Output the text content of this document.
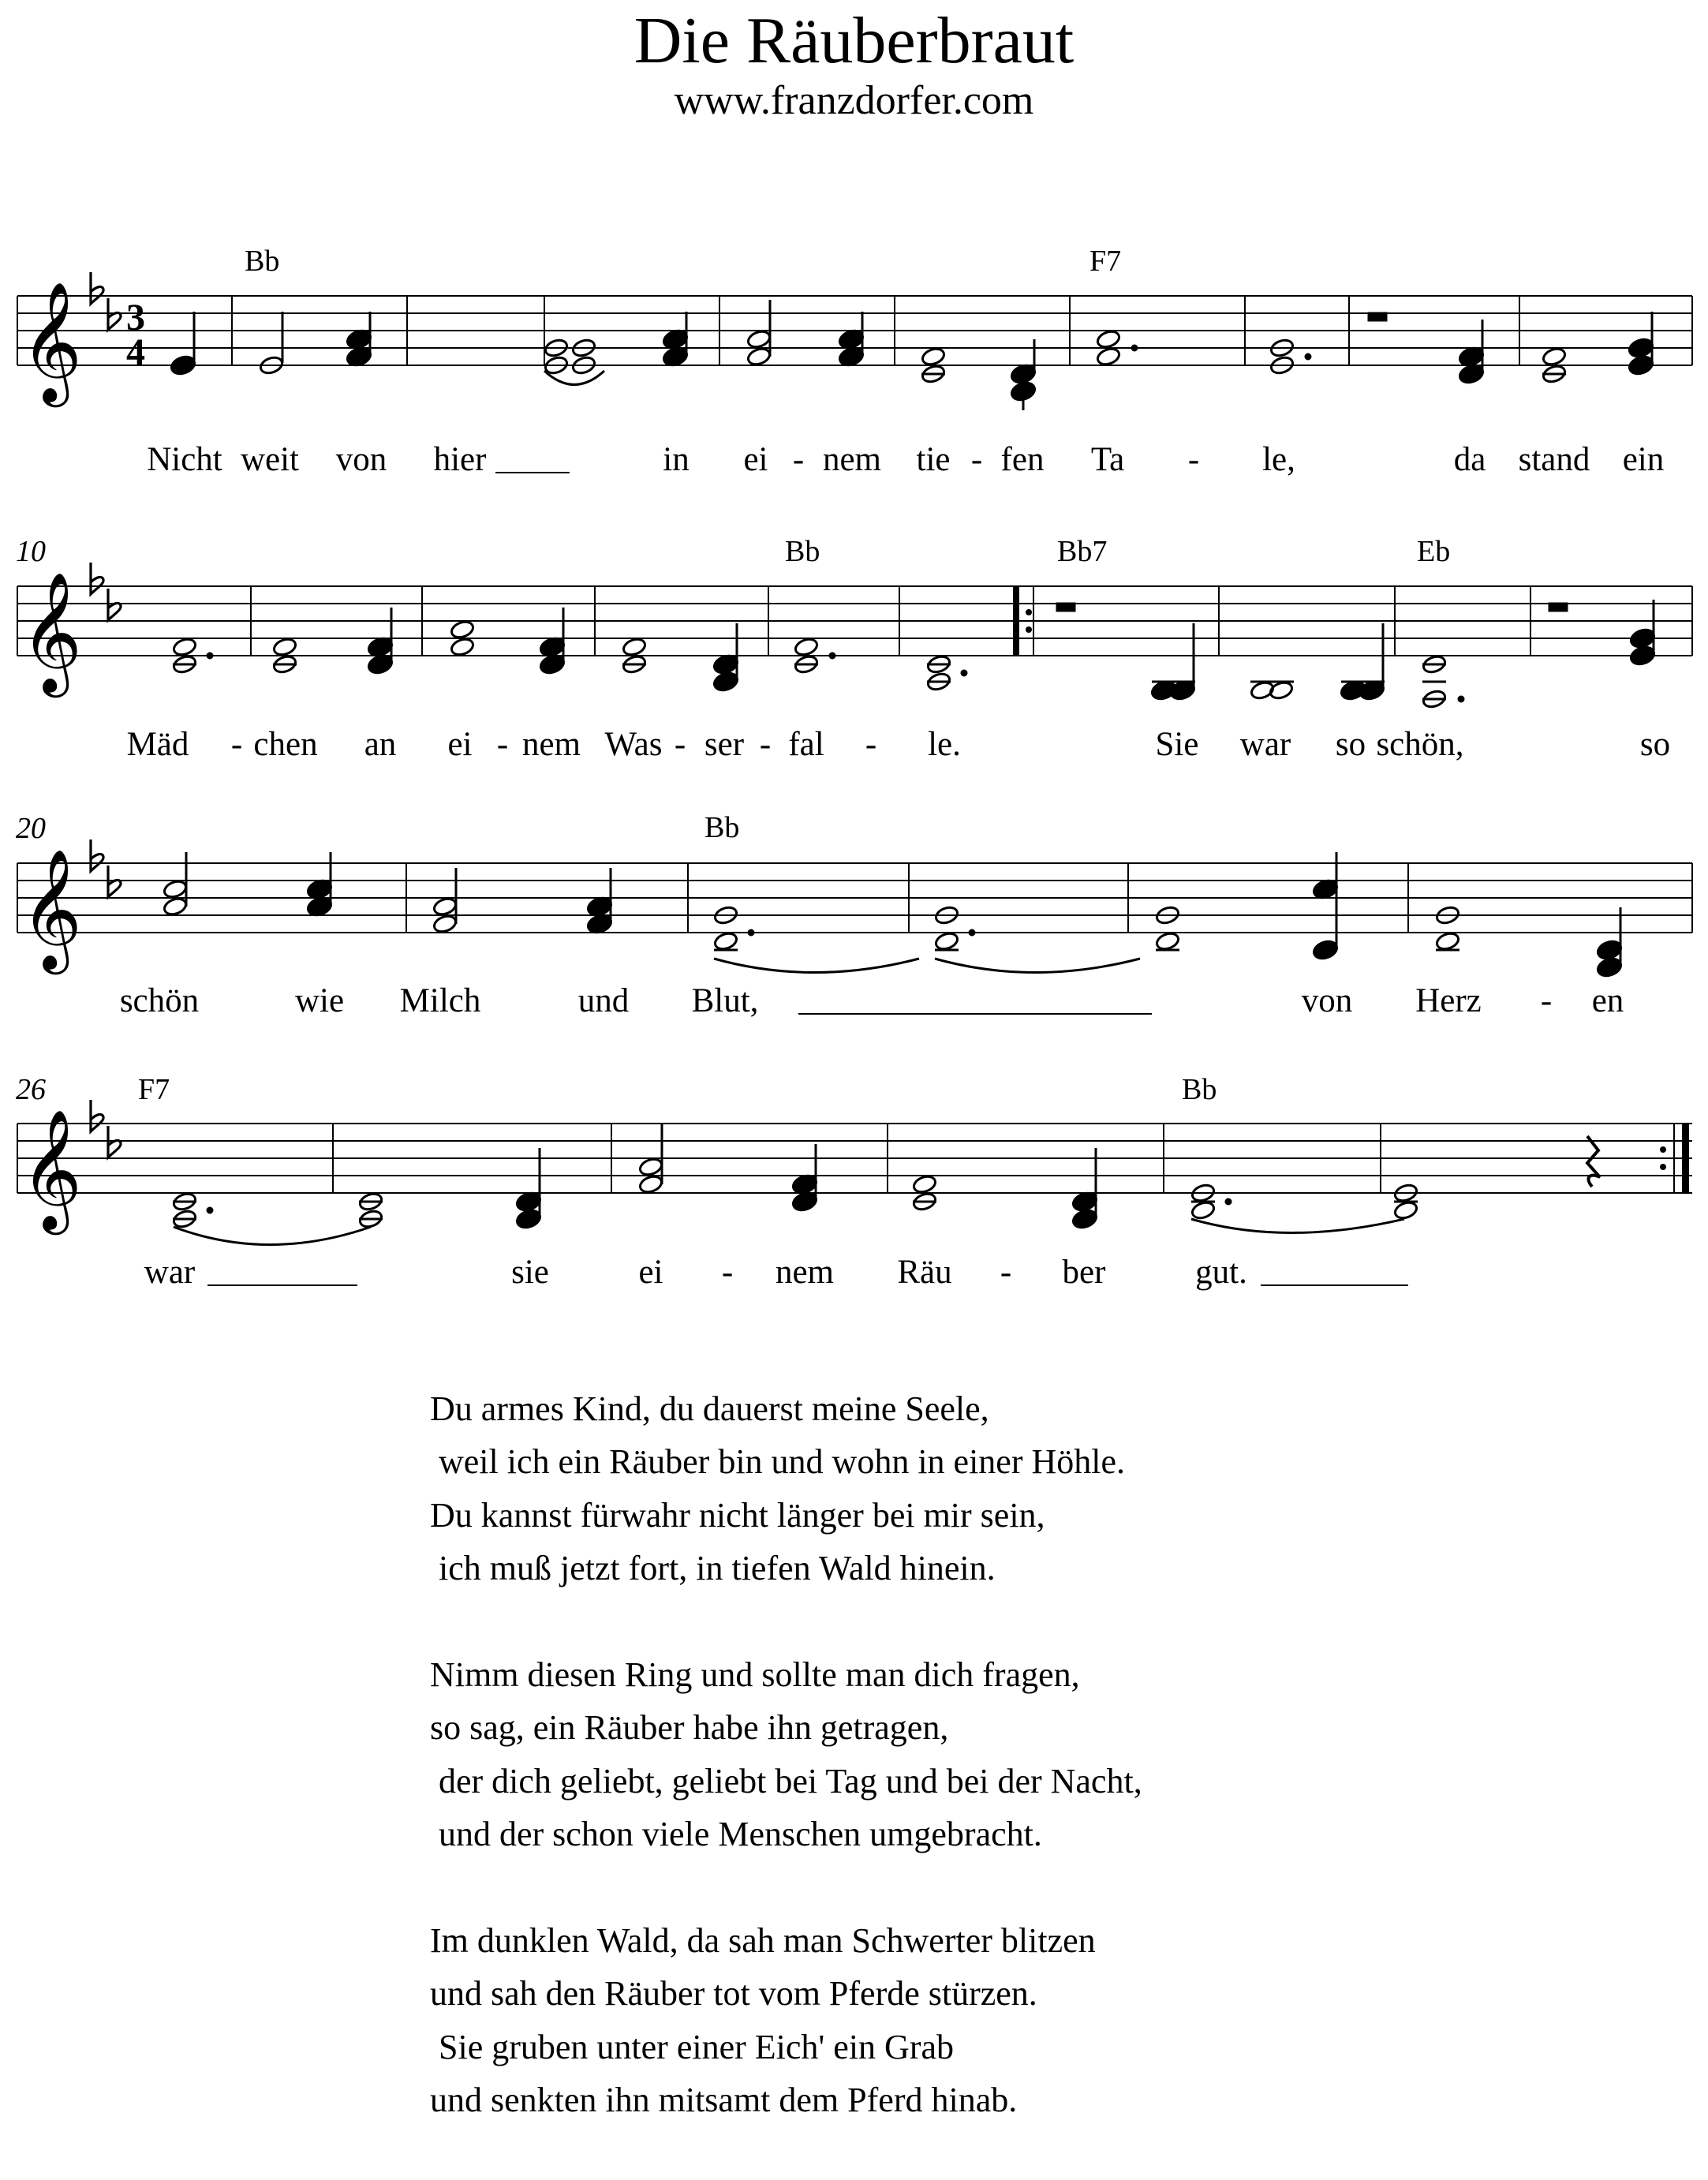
Die Räuberbraut
www.franzdorfer.com
𝄞 3
4
𝄞
𝄞
𝄞
Bb	F7
Bb	Bb7	Eb
Bb
F7	Bb
10
20
26
Nicht weit von hier	in ei - nem tie - fen Ta - le,	da stand ein
Mäd - chen an ei - nem Was - ser - fal - le.	Sie war so schön,	so
schön	wie Milch	und Blut,	von Herz - en
war	sie	ei - nem Räu - ber	gut.
Du armes Kind, du dauerst meine Seele,
weil ich ein Räuber bin und wohn in einer Höhle.
Du kannst fürwahr nicht länger bei mir sein,
ich muß jetzt fort, in tiefen Wald hinein.
Nimm diesen Ring und sollte man dich fragen,
so sag, ein Räuber habe ihn getragen,
der dich geliebt, geliebt bei Tag und bei der Nacht,
und der schon viele Menschen umgebracht.
Im dunklen Wald, da sah man Schwerter blitzen
und sah den Räuber tot vom Pferde stürzen.
Sie gruben unter einer Eich' ein Grab
und senkten ihn mitsamt dem Pferd hinab.
